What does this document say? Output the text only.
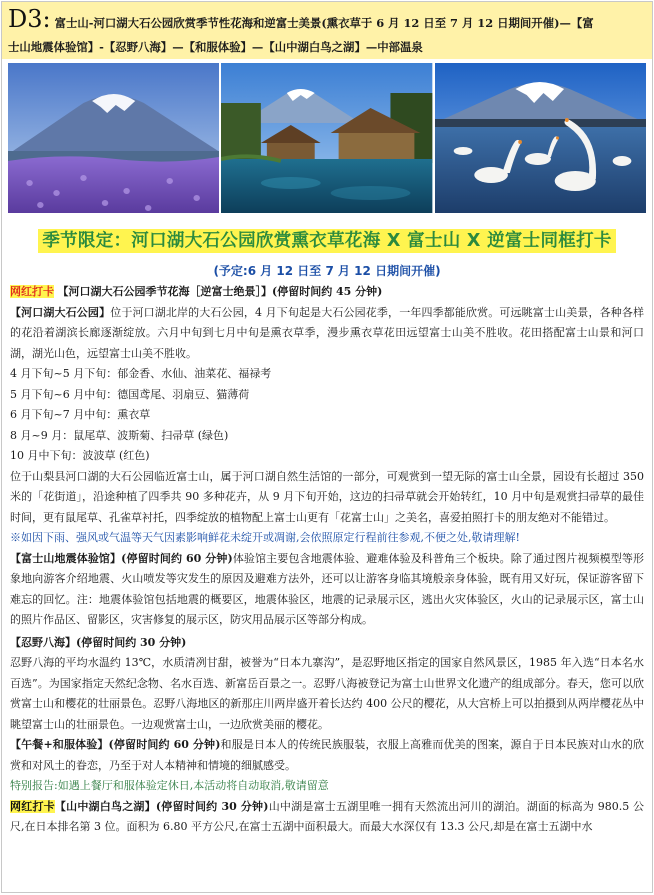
D3: 富士山-河口湖大石公园欣赏季节性花海和逆富士美景(熏衣草于 6 月 12 日至 7 月 12 日期间开催)—【富
士山地震体验馆】-【忍野八海】—【和服体验】—【山中湖白鸟之湖】—中部温泉
季节限定：河口湖大石公园欣赏熏衣草花海 X 富士山 X 逆富士同框打卡
(予定:6 月 12 日至 7 月 12 日期间开催)

网红打卡 【河口湖大石公园季节花海［逆富士绝景］】(停留时间约 45 分钟)

【河口湖大石公园】位于河口湖北岸的大石公园，4 月下旬起是大石公园花季，一年四季都能欣赏。可远眺富士山美景，各种各样的花沿着湖滨长廊逐渐绽放。六月中旬到七月中旬是熏衣草季，漫步熏衣草花田远望富士山美不胜收。花田搭配富士山景和河口湖，湖光山色，远望富士山美不胜收。

4 月下旬~5 月下旬：郁金香、水仙、油菜花、福禄考

5 月下旬~6 月中旬：德国鸢尾、羽扇豆、猫薄荷

6 月下旬~7 月中旬：熏衣草

8 月~9 月：鼠尾草、波斯菊、扫帚草 (绿色)

10 月中下旬：波波草 (红色)

位于山梨县河口湖的大石公园临近富士山，属于河口湖自然生活馆的一部分，可观赏到一望无际的富士山全景，园设有长超过 350 米的「花街道」，沿途种植了四季共 90 多种花卉，从 9 月下旬开始，这边的扫帚草就会开始转红，10 月中旬是观赏扫帚草的最佳时间，更有鼠尾草、孔雀草衬托，四季绽放的植物配上富士山更有「花富士山」之美名，喜爱拍照打卡的朋友绝对不能错过。

※如因下雨、强风或气温等天气因素影响鲜花未绽开或凋谢,会依照原定行程前往参观,不便之处,敬请理解!

【富士山地震体验馆】(停留时间约 60 分钟)体验馆主要包含地震体验、避难体验及科普角三个板块。除了通过图片视频模型等形象地向游客介绍地震、火山喷发等灾发生的原因及避难方法外，还可以让游客身临其境般亲身体验，既有用又好玩，保证游客留下难忘的回忆。注：地震体验馆包括地震的概要区，地震体验区，地震的记录展示区，逃出火灾体验区，火山的记录展示区，富士山的照片作品区、留影区，灾害修复的展示区，防灾用品展示区等部分构成。

【忍野八海】(停留时间约 30 分钟)

忍野八海的平均水温约 13℃，水质清冽甘甜，被誉为“日本九寨沟”，是忍野地区指定的国家自然风景区，1985 年入选“日本名水百选”。为国家指定天然纪念物、名水百选、新富岳百景之一。忍野八海被登记为富士山世界文化遗产的组成部分。春天，您可以欣赏富士山和樱花的壮丽景色。忍野八海地区的新那庄川两岸盛开着长达约 400 公尺的樱花，从大宫桥上可以拍摄到从两岸樱花丛中眺望富士山的壮丽景色。一边观赏富士山，一边欣赏美丽的樱花。

【午餐+和服体验】(停留时间约 60 分钟)和服是日本人的传统民族服装，衣服上高雅而优美的图案，源自于日本民族对山水的欣赏和对风土的眷恋，乃至于对人本精神和情境的细腻感受。

特别报告:如遇上餐厅和服体验定休日,本活动将自动取消,敬请留意

网红打卡【山中湖白鸟之湖】(停留时间约 30 分钟)山中湖是富士五湖里唯一拥有天然流出河川的湖泊。湖面的标高为 980.5 公尺,在日本排名第 3 位。面积为 6.80 平方公尺,在富士五湖中面积最大。而最大水深仅有 13.3 公尺,却是在富士五湖中水
